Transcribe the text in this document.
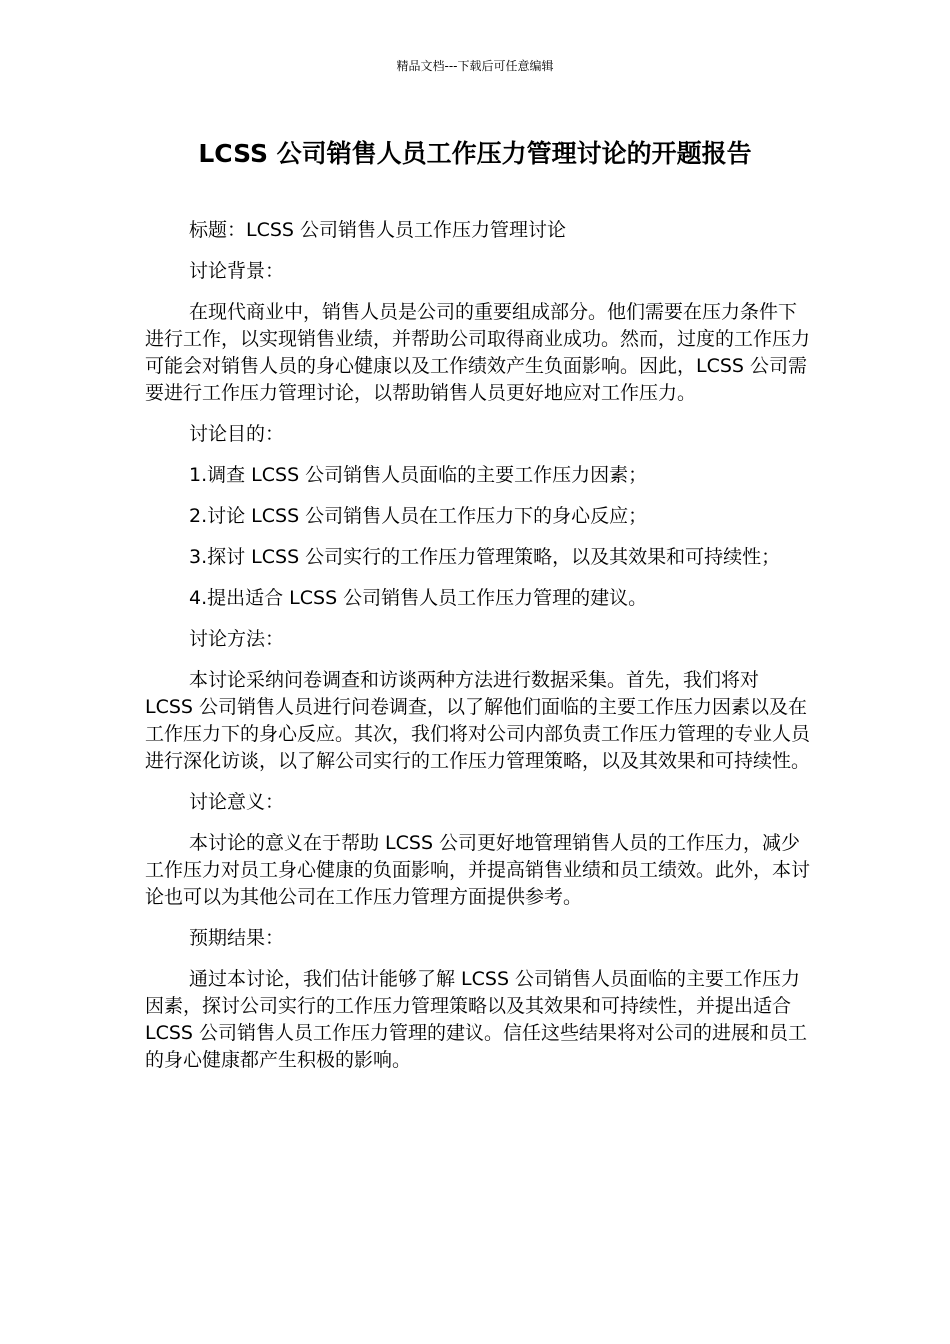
精品文档---下载后可任意编辑
LCSS 公司销售人员工作压力管理讨论的开题报告

标题：LCSS 公司销售人员工作压力管理讨论

讨论背景：

在现代商业中，销售人员是公司的重要组成部分。他们需要在压力条件下进行工作，以实现销售业绩，并帮助公司取得商业成功。然而，过度的工作压力可能会对销售人员的身心健康以及工作绩效产生负面影响。因此，LCSS 公司需要进行工作压力管理讨论，以帮助销售人员更好地应对工作压力。

讨论目的：

1.调查 LCSS 公司销售人员面临的主要工作压力因素；

2.讨论 LCSS 公司销售人员在工作压力下的身心反应；

3.探讨 LCSS 公司实行的工作压力管理策略，以及其效果和可持续性；

4.提出适合 LCSS 公司销售人员工作压力管理的建议。

讨论方法：

本讨论采纳问卷调查和访谈两种方法进行数据采集。首先，我们将对 LCSS 公司销售人员进行问卷调查，以了解他们面临的主要工作压力因素以及在工作压力下的身心反应。其次，我们将对公司内部负责工作压力管理的专业人员进行深化访谈，以了解公司实行的工作压力管理策略，以及其效果和可持续性。

讨论意义：

本讨论的意义在于帮助 LCSS 公司更好地管理销售人员的工作压力，减少工作压力对员工身心健康的负面影响，并提高销售业绩和员工绩效。此外，本讨论也可以为其他公司在工作压力管理方面提供参考。

预期结果：

通过本讨论，我们估计能够了解 LCSS 公司销售人员面临的主要工作压力因素，探讨公司实行的工作压力管理策略以及其效果和可持续性，并提出适合 LCSS 公司销售人员工作压力管理的建议。信任这些结果将对公司的进展和员工的身心健康都产生积极的影响。
